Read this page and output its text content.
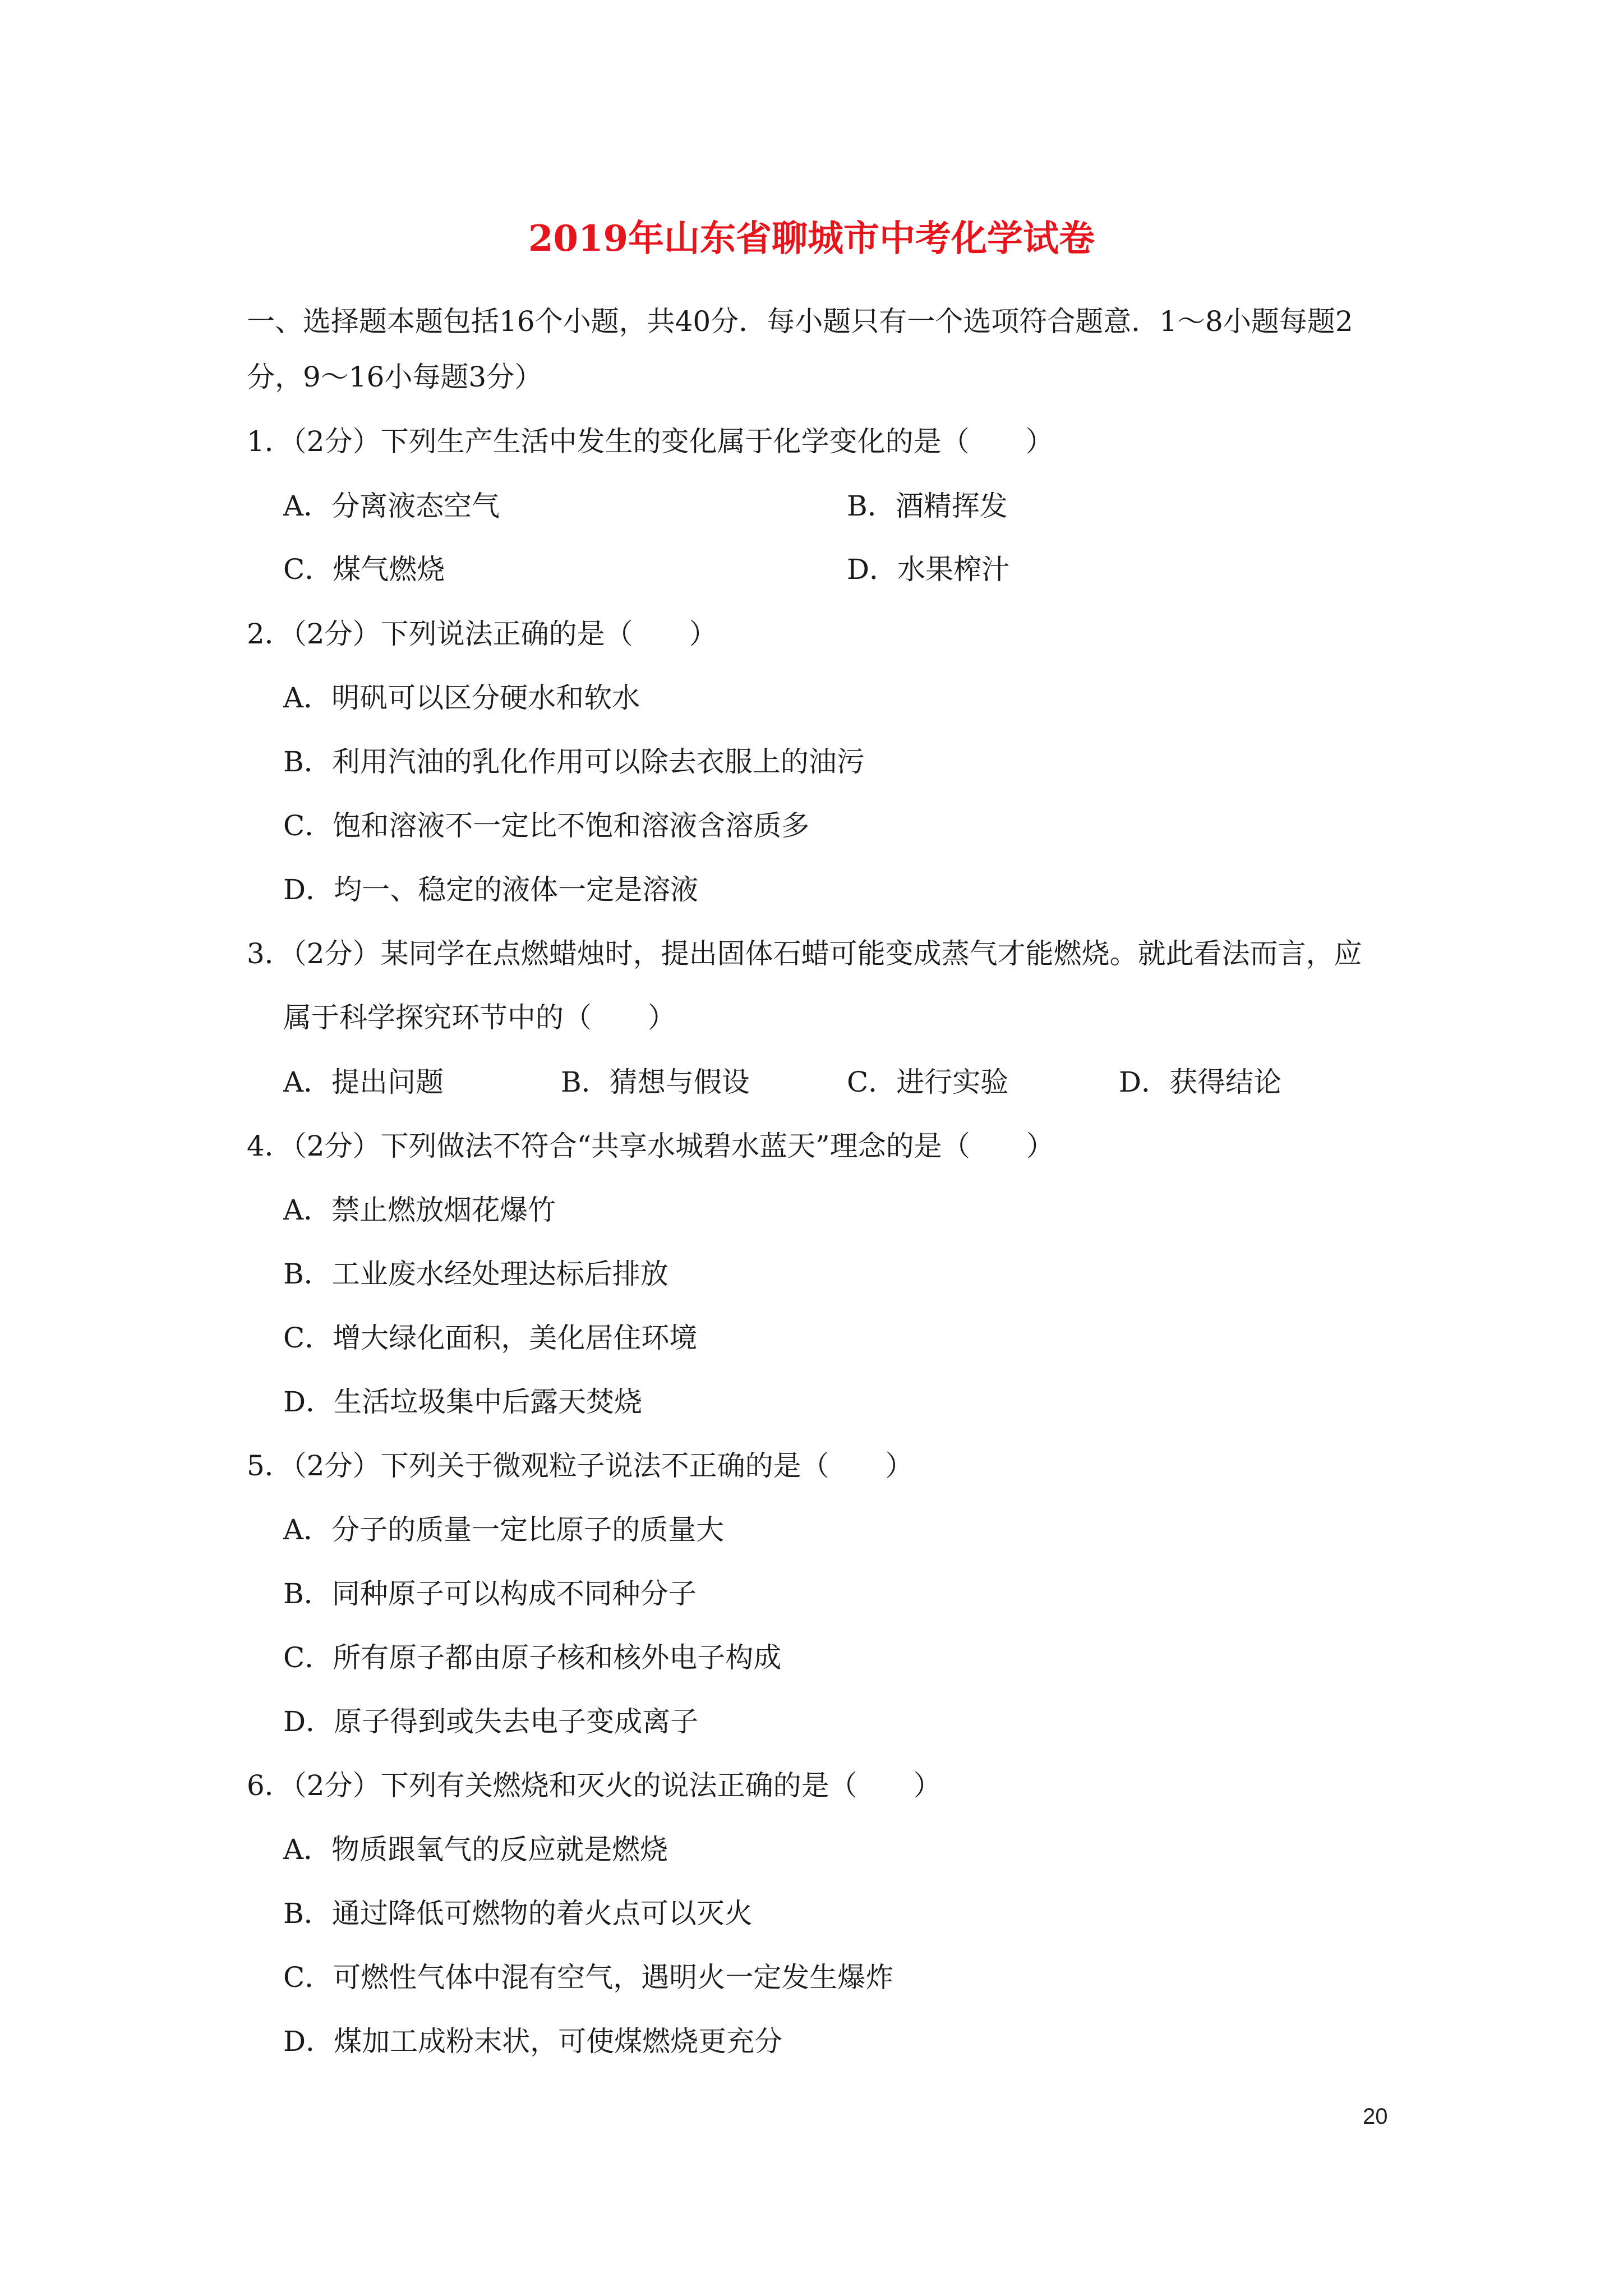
2019年山东省聊城市中考化学试卷
一、选择题本题包括16个小题，共40分．每小题只有一个选项符合题意．1～8小题每题2
分，9～16小每题3分）
1．（2分）下列生产生活中发生的变化属于化学变化的是（　　）
A．分离液态空气	B．酒精挥发
C．煤气燃烧	D．水果榨汁
2．（2分）下列说法正确的是（　　）
A．明矾可以区分硬水和软水
B．利用汽油的乳化作用可以除去衣服上的油污
C．饱和溶液不一定比不饱和溶液含溶质多
D．均一、稳定的液体一定是溶液
3．（2分）某同学在点燃蜡烛时，提出固体石蜡可能变成蒸气才能燃烧。就此看法而言，应
属于科学探究环节中的（　　）
A．提出问题	B．猜想与假设	C．进行实验	D．获得结论
4．（2分）下列做法不符合“共享水城碧水蓝天”理念的是（　　）
A．禁止燃放烟花爆竹
B．工业废水经处理达标后排放
C．增大绿化面积，美化居住环境
D．生活垃圾集中后露天焚烧
5．（2分）下列关于微观粒子说法不正确的是（　　）
A．分子的质量一定比原子的质量大
B．同种原子可以构成不同种分子
C．所有原子都由原子核和核外电子构成
D．原子得到或失去电子变成离子
6．（2分）下列有关燃烧和灭火的说法正确的是（　　）
A．物质跟氧气的反应就是燃烧
B．通过降低可燃物的着火点可以灭火
C．可燃性气体中混有空气，遇明火一定发生爆炸
D．煤加工成粉末状，可使煤燃烧更充分
20
